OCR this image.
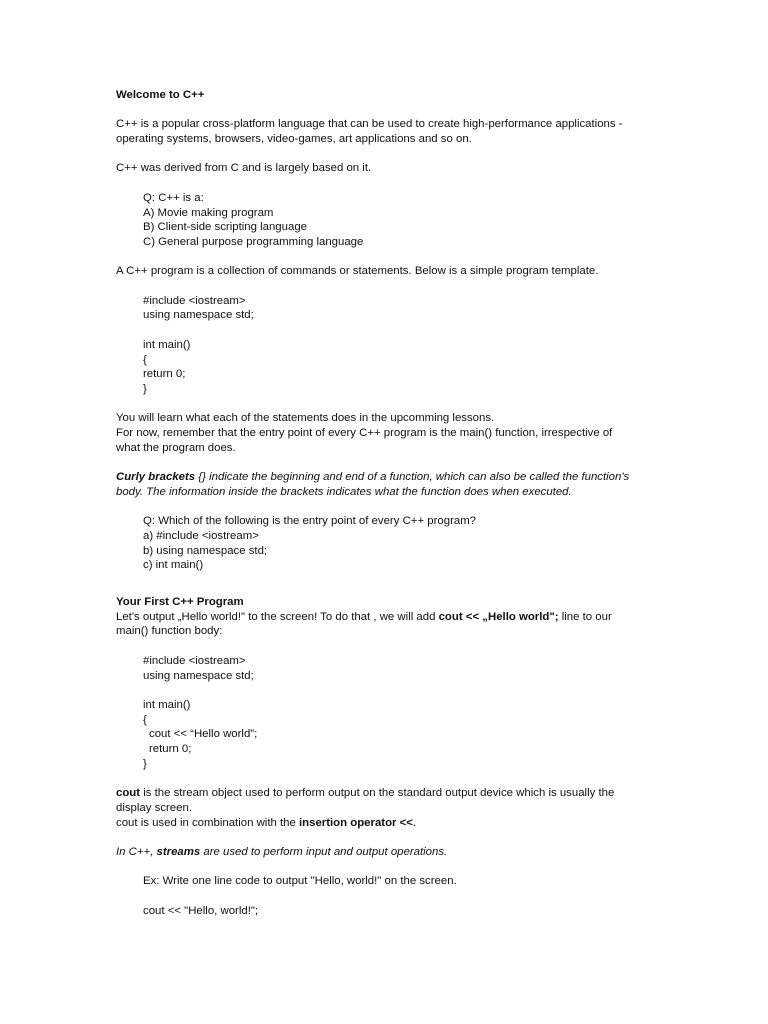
Welcome to C++

C++ is a popular cross-platform language that can be used to create high-performance applications -

operating systems, browsers, video-games, art applications and so on.

C++ was derived from C and is largely based on it.

Q: C++ is a:

A) Movie making program

B) Client-side scripting language

C) General purpose programming language

A C++ program is a collection of commands or statements. Below is a simple program template.

#include <iostream>

using namespace std;

int main()

{

return 0;

}

You will learn what each of the statements does in the upcomming lessons.

For now, remember that the entry point of every C++ program is the main() function, irrespective of

what the program does.

Curly brackets {} indicate the beginning and end of a function, which can also be called the function's

body. The information inside the brackets indicates what the function does when executed.

Q: Which of the following is the entry point of every C++ program?

a) #include <iostream>

b) using namespace std;

c) int main()

Your First C++ Program

Let's output „Hello world!" to the screen! To do that , we will add cout << „Hello world"; line to our

main() function body:

#include <iostream>

using namespace std;

int main()

{

cout << “Hello world”;

return 0;

}

cout is the stream object used to perform output on the standard output device which is usually the

display screen.

cout is used in combination with the insertion operator <<.

In C++, streams are used to perform input and output operations.

Ex: Write one line code to output "Hello, world!" on the screen.

cout << "Hello, world!";
